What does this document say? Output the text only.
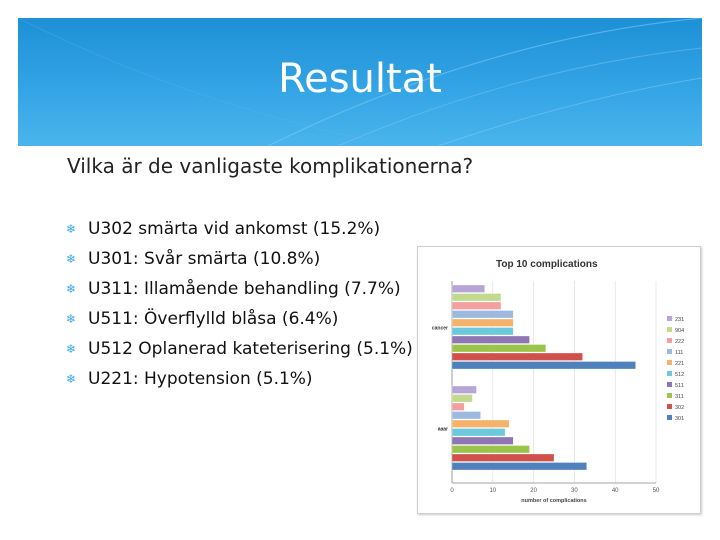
Resultat
Vilka är de vanligaste komplikationerna?
❄ U302 smärta vid ankomst (15.2%)
❄ U301: Svår smärta (10.8%)
❄ U311: Illamående behandling (7.7%)
❄ U511: Överflylld blåsa (6.4%)
❄ U512 Oplanerad kateterisering (5.1%)
❄ U221: Hypotension (5.1%)
Top 10 complications
0	10	20	30	40	50
number of complications
cancer
aaar
231
904
222
111
221
512
511
311
302
301
